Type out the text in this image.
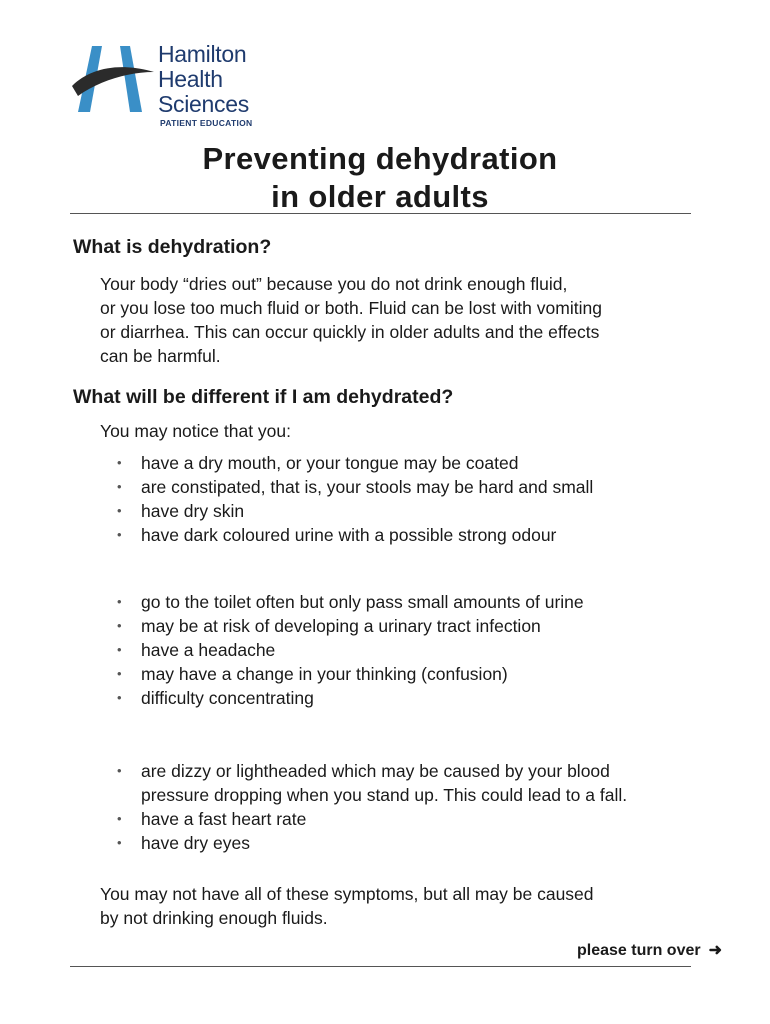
Hamilton
Health
Sciences
PATIENT EDUCATION
Preventing dehydration
in older adults
What is dehydration?
Your body “dries out” because you do not drink enough fluid,
or you lose too much fluid or both. Fluid can be lost with vomiting
or diarrhea. This can occur quickly in older adults and the effects
can be harmful.
What will be different if I am dehydrated?
You may notice that you:
• have a dry mouth, or your tongue may be coated
• are constipated, that is, your stools may be hard and small
• have dry skin
• have dark coloured urine with a possible strong odour
• go to the toilet often but only pass small amounts of urine
• may be at risk of developing a urinary tract infection
• have a headache
• may have a change in your thinking (confusion)
• difficulty concentrating
• are dizzy or lightheaded which may be caused by your blood
pressure dropping when you stand up. This could lead to a fall.
• have a fast heart rate
• have dry eyes
You may not have all of these symptoms, but all may be caused
by not drinking enough fluids.
please turn over ➜
